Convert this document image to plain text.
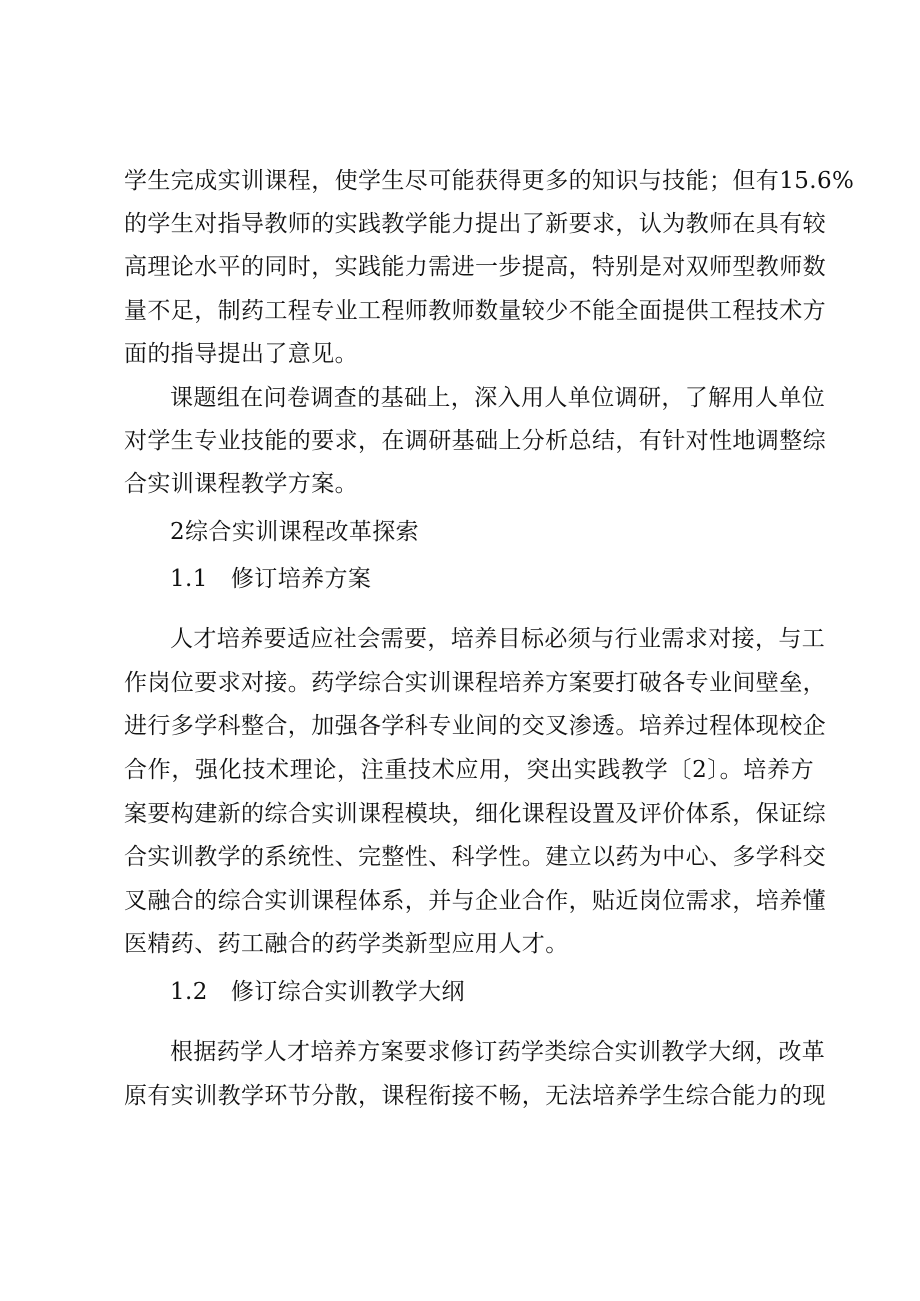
学生完成实训课程，使学生尽可能获得更多的知识与技能；但有15.6%
的学生对指导教师的实践教学能力提出了新要求，认为教师在具有较
高理论水平的同时，实践能力需进一步提高，特别是对双师型教师数
量不足，制药工程专业工程师教师数量较少不能全面提供工程技术方
面的指导提出了意见。
课题组在问卷调查的基础上，深入用人单位调研，了解用人单位
对学生专业技能的要求，在调研基础上分析总结，有针对性地调整综
合实训课程教学方案。
2综合实训课程改革探索
1.1   修订培养方案
人才培养要适应社会需要，培养目标必须与行业需求对接，与工
作岗位要求对接。药学综合实训课程培养方案要打破各专业间壁垒，
进行多学科整合，加强各学科专业间的交叉渗透。培养过程体现校企
合作，强化技术理论，注重技术应用，突出实践教学〔2〕。培养方
案要构建新的综合实训课程模块，细化课程设置及评价体系，保证综
合实训教学的系统性、完整性、科学性。建立以药为中心、多学科交
叉融合的综合实训课程体系，并与企业合作，贴近岗位需求，培养懂
医精药、药工融合的药学类新型应用人才。
1.2   修订综合实训教学大纲
根据药学人才培养方案要求修订药学类综合实训教学大纲，改革
原有实训教学环节分散，课程衔接不畅，无法培养学生综合能力的现
